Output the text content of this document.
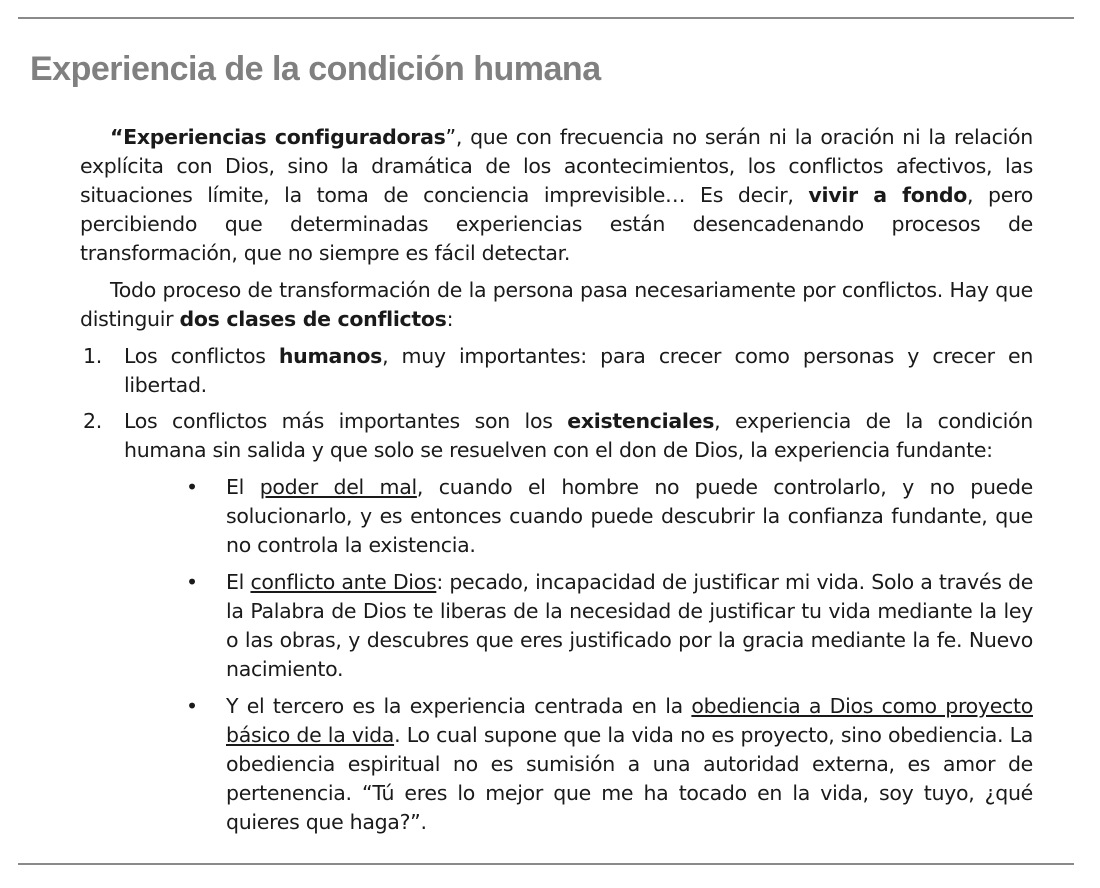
Experiencia de la condición humana

“Experiencias configuradoras”, que con frecuencia no serán ni la oración ni la relación explícita con Dios, sino la dramática de los acontecimientos, los conflictos afectivos, las situaciones límite, la toma de conciencia imprevisible… Es decir, vivir a fondo, pero percibiendo que determinadas experiencias están desencadenando procesos de transformación, que no siempre es fácil detectar.

Todo proceso de transformación de la persona pasa necesariamente por conflictos. Hay que distinguir dos clases de conflictos:

1. Los conflictos humanos, muy importantes: para crecer como personas y crecer en libertad.
2. Los conflictos más importantes son los existenciales, experiencia de la condición humana sin salida y que solo se resuelven con el don de Dios, la experiencia fundante:
• El poder del mal, cuando el hombre no puede controlarlo, y no puede solucionarlo, y es entonces cuando puede descubrir la confianza fundante, que no controla la existencia.
• El conflicto ante Dios: pecado, incapacidad de justificar mi vida. Solo a través de la Palabra de Dios te liberas de la necesidad de justificar tu vida mediante la ley o las obras, y descubres que eres justificado por la gracia mediante la fe. Nuevo nacimiento.
• Y el tercero es la experiencia centrada en la obediencia a Dios como proyecto básico de la vida. Lo cual supone que la vida no es proyecto, sino obediencia. La obediencia espiritual no es sumisión a una autoridad externa, es amor de pertenencia. “Tú eres lo mejor que me ha tocado en la vida, soy tuyo, ¿qué quieres que haga?”.
